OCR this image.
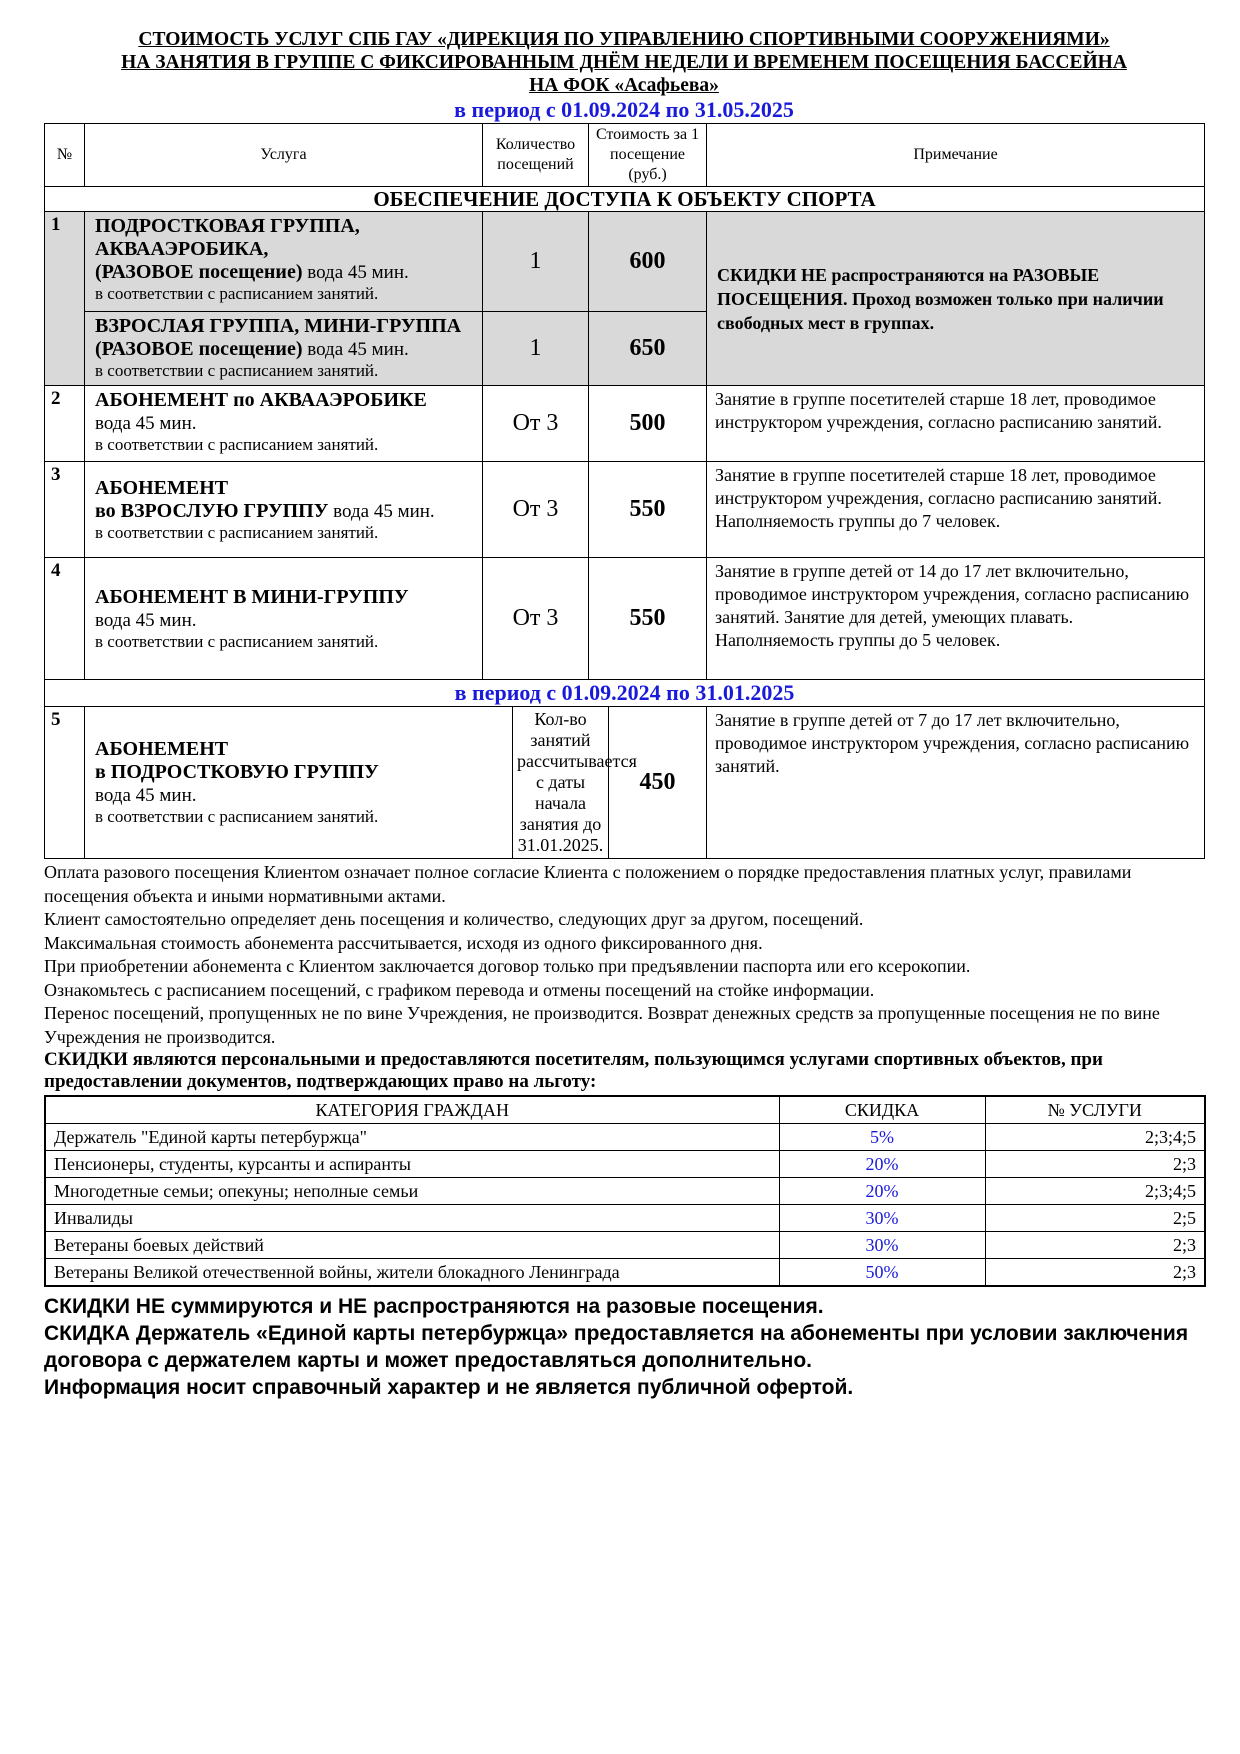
СТОИМОСТЬ УСЛУГ СПБ ГАУ «ДИРЕКЦИЯ ПО УПРАВЛЕНИЮ СПОРТИВНЫМИ СООРУЖЕНИЯМИ»
НА ЗАНЯТИЯ В ГРУППЕ С ФИКСИРОВАННЫМ ДНЁМ НЕДЕЛИ И ВРЕМЕНЕМ ПОСЕЩЕНИЯ БАССЕЙНА
НА ФОК «Асафьева»
в период с 01.09.2024 по 31.05.2025
№	Услуга	Количество посещений		Стоимость за 1 посещение (руб.)		Примечание
ОБЕСПЕЧЕНИЕ ДОСТУПА К ОБЪЕКТУ СПОРТА						
1	ПОДРОСТКОВАЯ ГРУППА, АКВААЭРОБИКА,
(РАЗОВОЕ посещение) вода 45 мин.
в соответствии с расписанием занятий.	1		600		СКИДКИ НЕ распространяются на РАЗОВЫЕ ПОСЕЩЕНИЯ. Проход возможен только при наличии свободных мест в группах.
	ВЗРОСЛАЯ ГРУППА, МИНИ-ГРУППА
(РАЗОВОЕ посещение) вода 45 мин.
в соответствии с расписанием занятий.	1		650		
2	АБОНЕМЕНТ по АКВААЭРОБИКЕ
вода 45 мин.
в соответствии с расписанием занятий.	От 3		500		Занятие в группе посетителей старше 18 лет, проводимое инструктором учреждения, согласно расписанию занятий.
3	АБОНЕМЕНТ
во ВЗРОСЛУЮ ГРУППУ вода 45 мин.
в соответствии с расписанием занятий.	От 3		550		Занятие в группе посетителей старше 18 лет, проводимое инструктором учреждения, согласно расписанию занятий. Наполняемость группы до 7 человек.
4	АБОНЕМЕНТ В МИНИ-ГРУППУ
вода 45 мин.
в соответствии с расписанием занятий.	От 3		550		Занятие в группе детей от 14 до 17 лет включительно, проводимое инструктором учреждения, согласно расписанию занятий. Занятие для детей, умеющих плавать. Наполняемость группы до 5 человек.
в период с 01.09.2024 по 31.01.2025						
5	АБОНЕМЕНТ
в ПОДРОСТКОВУЮ ГРУППУ
вода 45 мин.
в соответствии с расписанием занятий.		Кол-во занятий рассчитывается с даты начала занятия до 31.01.2025.		450	Занятие в группе детей от 7 до 17 лет включительно, проводимое инструктором учреждения, согласно расписанию занятий.

Оплата разового посещения Клиентом означает полное согласие Клиента с положением о порядке предоставления платных услуг, правилами посещения объекта и иными нормативными актами.

Клиент самостоятельно определяет день посещения и количество, следующих друг за другом, посещений.

Максимальная стоимость абонемента рассчитывается, исходя из одного фиксированного дня.

При приобретении абонемента с Клиентом заключается договор только при предъявлении паспорта или его ксерокопии.

Ознакомьтесь с расписанием посещений, с графиком перевода и отмены посещений на стойке информации.

Перенос посещений, пропущенных не по вине Учреждения, не производится. Возврат денежных средств за пропущенные посещения не по вине Учреждения не производится.

СКИДКИ являются персональными и предоставляются посетителям, пользующимся услугами спортивных объектов, при предоставлении документов, подтверждающих право на льготу:
КАТЕГОРИЯ ГРАЖДАН	СКИДКА	№ УСЛУГИ
Держатель "Единой карты петербуржца"	5%	2;3;4;5
Пенсионеры, студенты, курсанты и аспиранты	20%	2;3
Многодетные семьи; опекуны; неполные семьи	20%	2;3;4;5
Инвалиды	30%	2;5
Ветераны боевых действий	30%	2;3
Ветераны Великой отечественной войны, жители блокадного Ленинграда	50%	2;3

СКИДКИ НЕ суммируются и НЕ распространяются на разовые посещения.

СКИДКА Держатель «Единой карты петербуржца» предоставляется на абонементы при условии заключения договора с держателем карты и может предоставляться дополнительно.

Информация носит справочный характер и не является публичной офертой.
